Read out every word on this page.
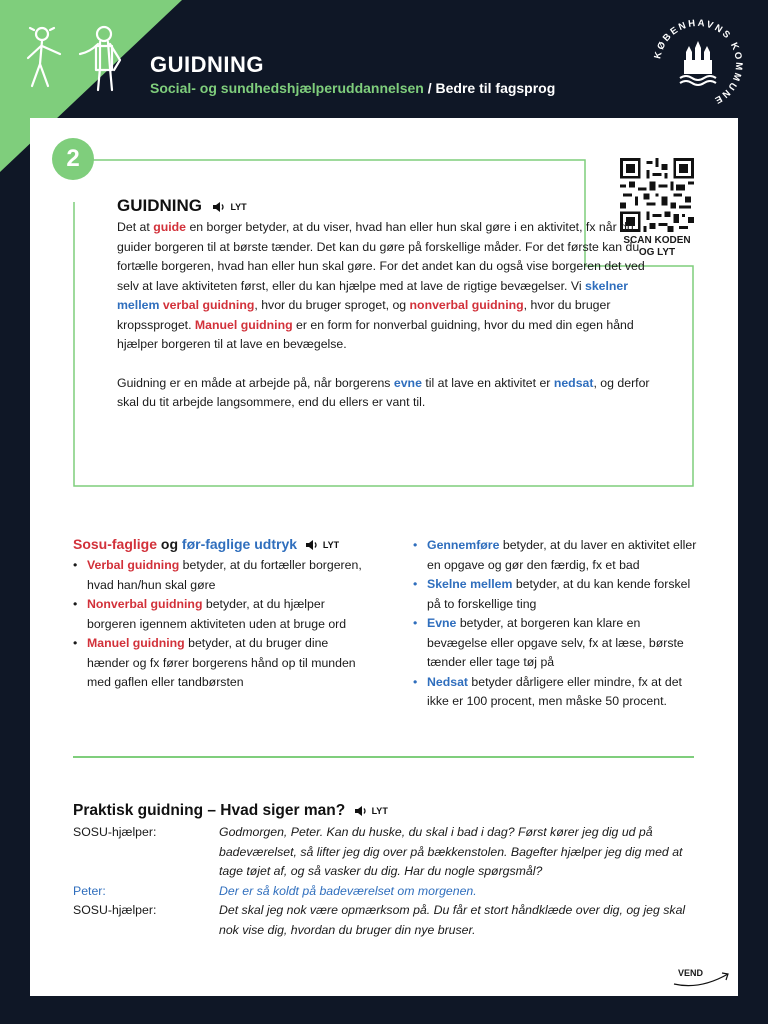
GUIDNING
Social- og sundhedshjælperuddannelsen / Bedre til fagsprog
KØBENHAVNS KOMMUNE
2
SCAN KODEN
OG LYT
GUIDNING	LYT

Det at guide en borger betyder, at du viser, hvad han eller hun skal gøre i en aktivitet, fx når du guider borgeren til at børste tænder. Det kan du gøre på forskellige måder. For det første kan du fortælle borgeren, hvad han eller hun skal gøre. For det andet kan du også vise borgeren det ved selv at lave aktiviteten først, eller du kan hjælpe med at lave de rigtige bevægelser. Vi skelner mellem verbal guidning, hvor du bruger sproget, og nonverbal guidning, hvor du bruger kropssproget. Manuel guidning er en form for nonverbal guidning, hvor du med din egen hånd hjælper borgeren til at lave en bevægelse.

Guidning er en måde at arbejde på, når borgerens evne til at lave en aktivitet er nedsat, og derfor skal du tit arbejde langsommere, end du ellers er vant til.

Sosu-faglige og før-faglige udtryk	LYT
• Verbal guidning betyder, at du fortæller borgeren, hvad han/hun skal gøre
• Nonverbal guidning betyder, at du hjælper borgeren igennem aktiviteten uden at bruge ord
• Manuel guidning betyder, at du bruger dine hænder og fx fører borgerens hånd op til munden med gaflen eller tandbørsten
• Gennemføre betyder, at du laver en aktivitet eller en opgave og gør den færdig, fx et bad
• Skelne mellem betyder, at du kan kende forskel på to forskellige ting
• Evne betyder, at borgeren kan klare en bevægelse eller opgave selv, fx at læse, børste tænder eller tage tøj på
• Nedsat betyder dårligere eller mindre, fx at det ikke er 100 procent, men måske 50 procent.
Praktisk guidning – Hvad siger man?	LYT
SOSU-hjælper:	Godmorgen, Peter. Kan du huske, du skal i bad i dag? Først kører jeg dig ud på badeværelset, så lifter jeg dig over på bækkenstolen. Bagefter hjælper jeg dig med at tage tøjet af, og så vasker du dig. Har du nogle spørgsmål?
Peter:	Der er så koldt på badeværelset om morgenen.
SOSU-hjælper:	Det skal jeg nok være opmærksom på. Du får et stort håndklæde over dig, og jeg skal nok vise dig, hvordan du bruger din nye bruser.
VEND
